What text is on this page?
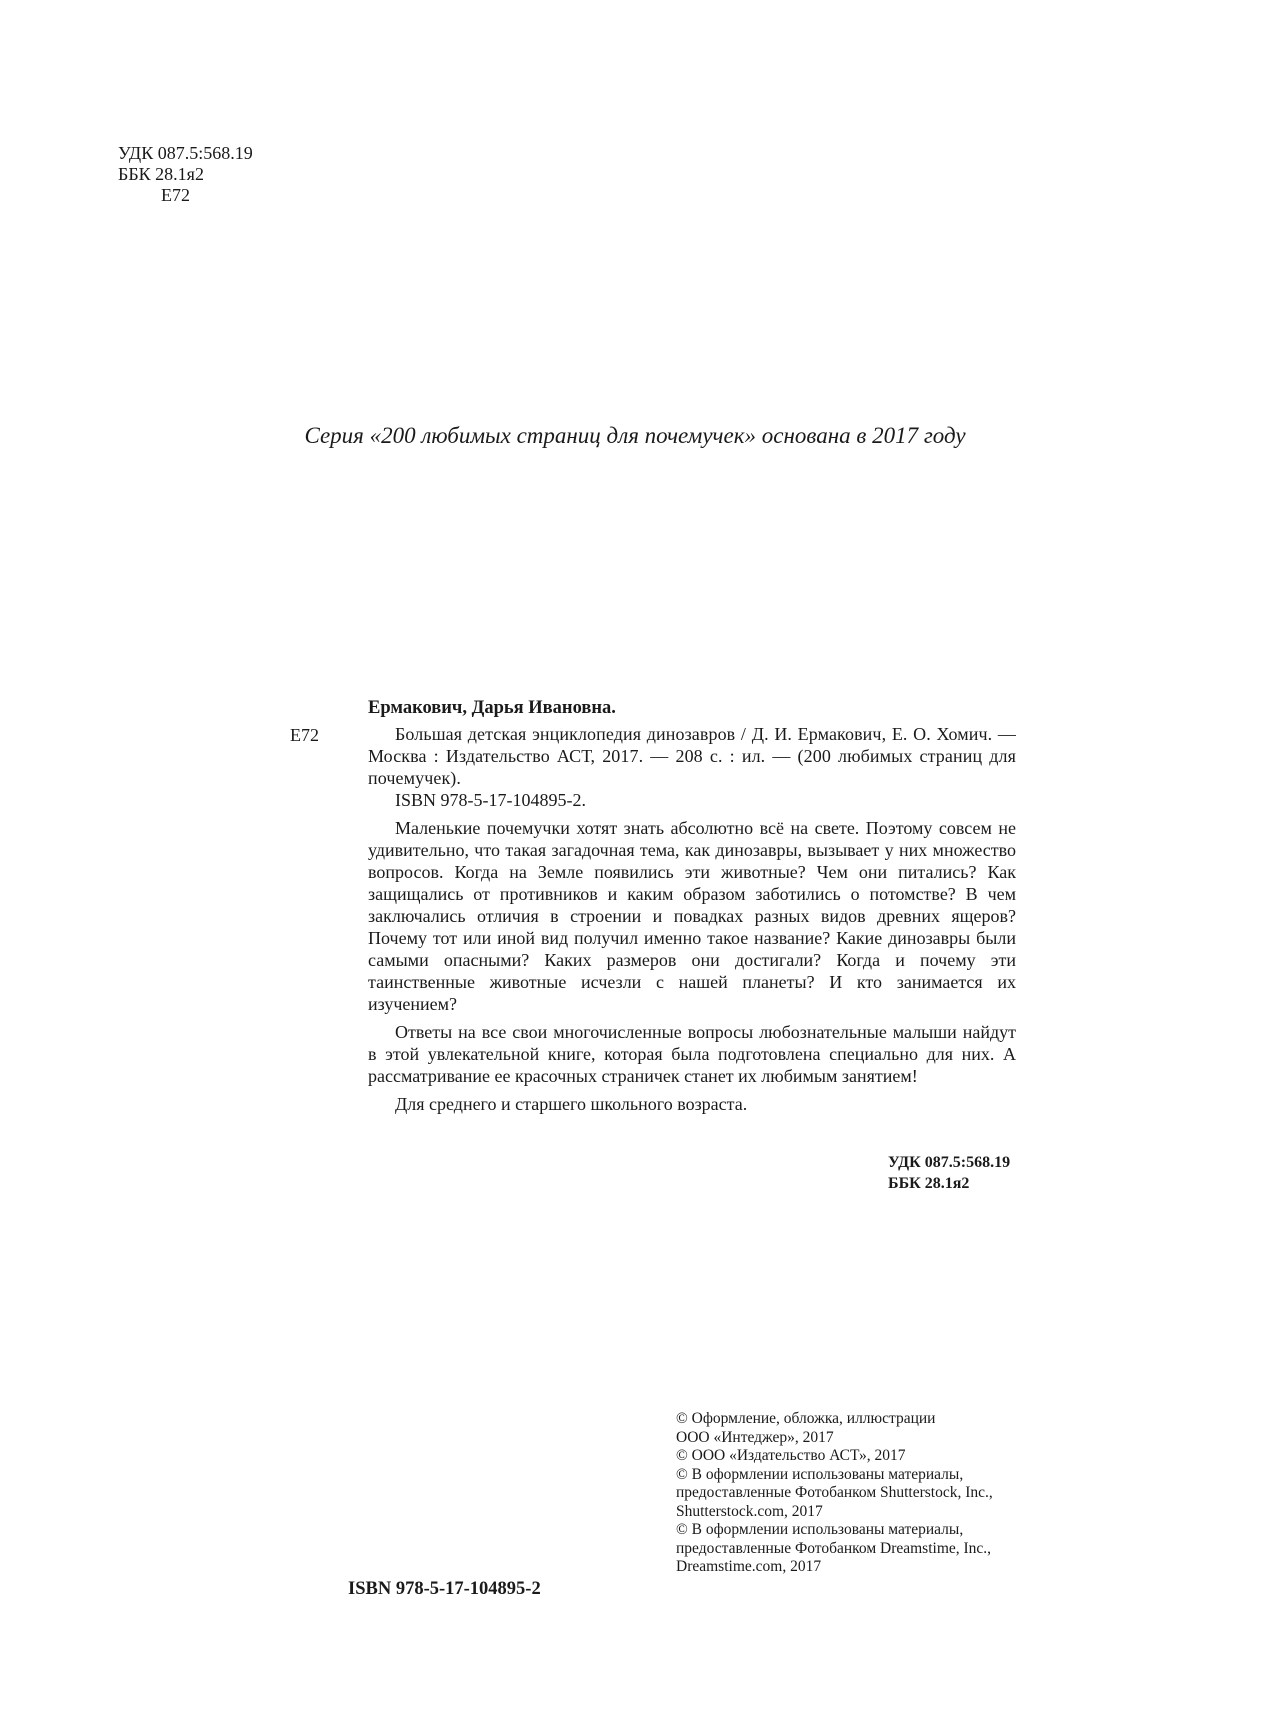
УДК 087.5:568.19
ББК 28.1я2
Е72
Серия «200 любимых страниц для почемучек» основана в 2017 году
Е72
Ермакович, Дарья Ивановна.
Большая детская энциклопедия динозавров / Д. И. Ермакович, Е. О. Хомич. — Москва : Издательство АСТ, 2017. — 208 с. : ил. — (200 любимых страниц для почемучек).
ISBN 978-5-17-104895-2.
Маленькие почемучки хотят знать абсолютно всё на свете. Поэтому совсем не удивительно, что такая загадочная тема, как динозавры, вызывает у них множество вопросов. Когда на Земле появились эти животные? Чем они питались? Как защищались от противников и каким образом заботились о потомстве? В чем заключались отличия в строении и повадках разных видов древних ящеров? Почему тот или иной вид получил именно такое название? Какие динозавры были самыми опасными? Каких размеров они достигали? Когда и почему эти таинственные животные исчезли с нашей планеты? И кто занимается их изучением?
Ответы на все свои многочисленные вопросы любознательные малыши найдут в этой увлекательной книге, которая была подготовлена специально для них. А рассматривание ее красочных страничек станет их любимым занятием!
Для среднего и старшего школьного возраста.
УДК 087.5:568.19
ББК 28.1я2
© Оформление, обложка, иллюстрации
ООО «Интеджер», 2017
© ООО «Издательство АСТ», 2017
© В оформлении использованы материалы,
предоставленные Фотобанком Shutterstock, Inc.,
Shutterstock.com, 2017
© В оформлении использованы материалы,
предоставленные Фотобанком Dreamstime, Inc.,
Dreamstime.com, 2017
ISBN 978-5-17-104895-2
